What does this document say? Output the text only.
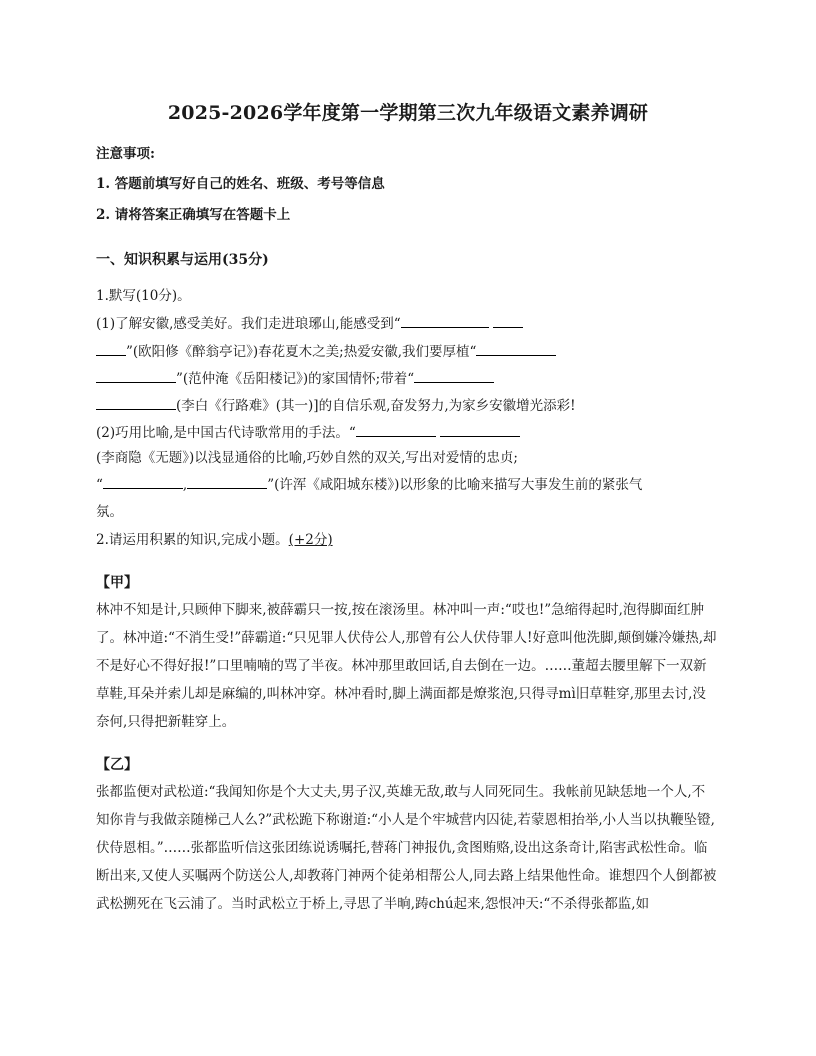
2025-2026学年度第一学期第三次九年级语文素养调研
注意事项:
1. 答题前填写好自己的姓名、班级、考号等信息
2. 请将答案正确填写在答题卡上
一、知识积累与运用(35分)
1.默写(10分)。
(1)了解安徽,感受美好。我们走进琅琊山,能感受到“
”(欧阳修《醉翁亭记》)春花夏木之美;热爱安徽,我们要厚植“
”(范仲淹《岳阳楼记》)的家国情怀;带着“
(李白《行路难》(其一)]的自信乐观,奋发努力,为家乡安徽增光添彩!
(2)巧用比喻,是中国古代诗歌常用的手法。“
(李商隐《无题》)以浅显通俗的比喻,巧妙自然的双关,写出对爱情的忠贞;
“	,	”(许浑《咸阳城东楼》)以形象的比喻来描写大事发生前的紧张气
氛。
2.请运用积累的知识,完成小题。(+2分)
【甲】
林冲不知是计,只顾伸下脚来,被薛霸只一按,按在滚汤里。林冲叫一声:“哎也!”急缩得起时,泡得脚面红肿了。林冲道:“不消生受!”薛霸道:“只见罪人伏侍公人,那曾有公人伏侍罪人!好意叫他洗脚,颠倒嫌冷嫌热,却不是好心不得好报!”口里喃喃的骂了半夜。林冲那里敢回话,自去倒在一边。……董超去腰里解下一双新草鞋,耳朵并索儿却是麻编的,叫林冲穿。林冲看时,脚上满面都是燎浆泡,只得寻mì旧草鞋穿,那里去讨,没奈何,只得把新鞋穿上。
【乙】
张都监便对武松道:“我闻知你是个大丈夫,男子汉,英雄无敌,敢与人同死同生。我帐前见缺恁地一个人,不知你肯与我做亲随梯己人么?”武松跪下称谢道:“小人是个牢城营内囚徒,若蒙恩相抬举,小人当以执鞭坠镫,伏侍恩相。”……张都监听信这张团练说诱嘱托,替蒋门神报仇,贪图贿赂,设出这条奇计,陷害武松性命。临断出来,又使人买嘱两个防送公人,却教蒋门神两个徒弟相帮公人,同去路上结果他性命。谁想四个人倒都被武松搠死在飞云浦了。当时武松立于桥上,寻思了半晌,踌chú起来,怨恨冲天:“不杀得张都监,如
